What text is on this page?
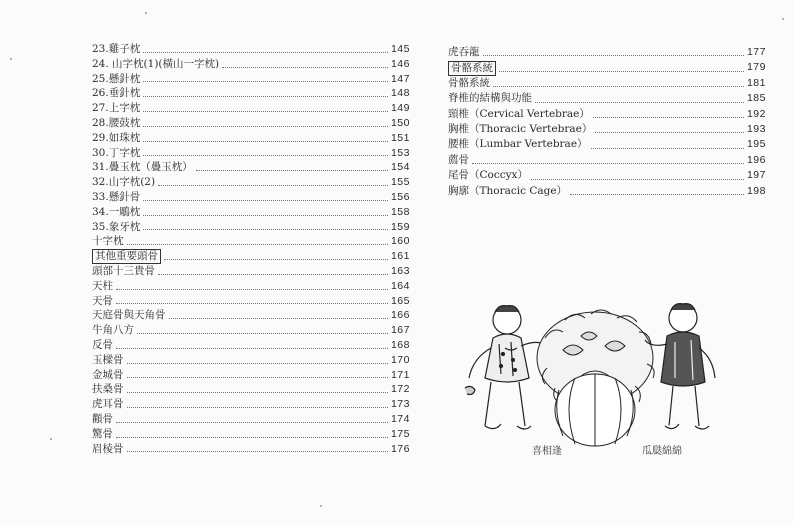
23.雞子枕	145
24. 山字枕(1)(橫山一字枕)	146
25.懸針枕	147
26.垂針枕	148
27.上字枕	149
28.腰鼓枕	150
29.如珠枕	151
30.丁字枕	153
31.疊玉枕（疊玉枕）	154
32.山字枕(2)	155
33.懸針骨	156
34.一鵰枕	158
35.象牙枕	159
十字枕	160
其他重要頭骨	161
頭部十三貴骨	163
天柱	164
天骨	165
天庭骨與天角骨	166
牛角八方	167
反骨	168
玉樑骨	170
金城骨	171
扶桑骨	172
虎耳骨	173
顴骨	174
驚骨	175
眉棱骨	176
虎吞龍	177
骨骼系統	179
骨骼系統	181
脊椎的結構與功能	185
頸椎（Cervical Vertebrae）	192
胸椎（Thoracic Vertebrae）	193
腰椎（Lumbar Vertebrae）	195
薦骨	196
尾骨（Coccyx）	197
胸廓（Thoracic Cage）	198
喜相逢	瓜瓞綿綿
